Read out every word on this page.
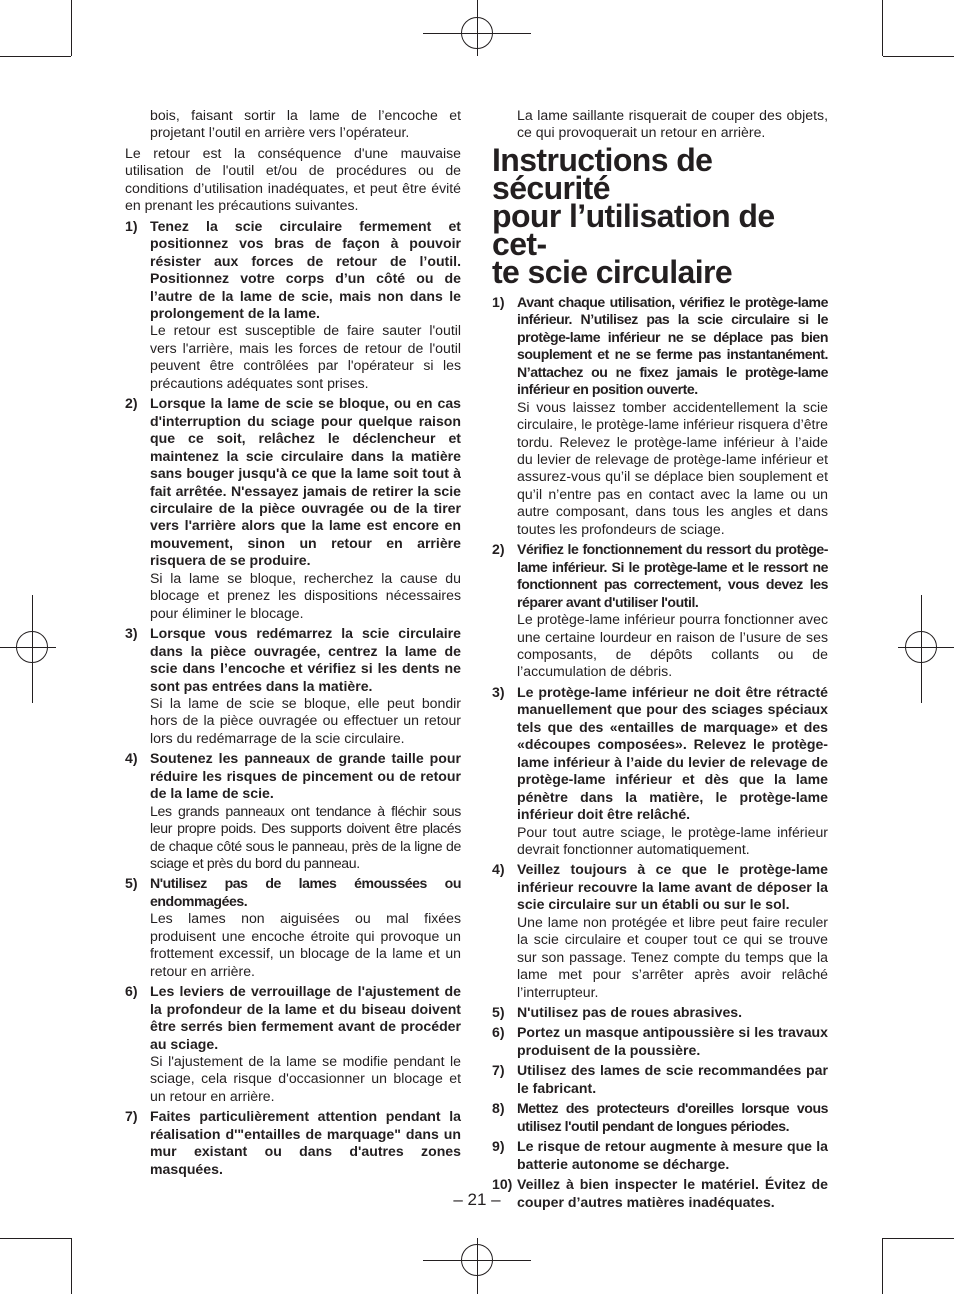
bois, faisant sortir la lame de l’encoche et projetant l’outil en arrière vers l’opérateur.

Le retour est la conséquence d'une mauvaise utilisation de l'outil et/ou de procédures ou de conditions d’utilisation inadéquates, et peut être évité en prenant les précautions suivantes.

1) Tenez la scie circulaire fermement et positionnez vos bras de façon à pouvoir résister aux forces de retour de l’outil. Positionnez votre corps d’un côté ou de l’autre de la lame de scie, mais non dans le prolongement de la lame.
Le retour est susceptible de faire sauter l'outil vers l'arrière, mais les forces de retour de l'outil peuvent être contrôlées par l'opérateur si les précautions adéquates sont prises.
2) Lorsque la lame de scie se bloque, ou en cas d'interruption du sciage pour quelque raison que ce soit, relâchez le déclencheur et maintenez la scie circulaire dans la matière sans bouger jusqu'à ce que la lame soit tout à fait arrêtée. N'essayez jamais de retirer la scie circulaire de la pièce ouvragée ou de la tirer vers l'arrière alors que la lame est encore en mouvement, sinon un retour en arrière risquera de se produire.
Si la lame se bloque, recherchez la cause du blocage et prenez les dispositions nécessaires pour éliminer le blocage.
3) Lorsque vous redémarrez la scie circulaire dans la pièce ouvragée, centrez la lame de scie dans l’encoche et vérifiez si les dents ne sont pas entrées dans la matière.
Si la lame de scie se bloque, elle peut bondir hors de la pièce ouvragée ou effectuer un retour lors du redémarrage de la scie circulaire.
4) Soutenez les panneaux de grande taille pour réduire les risques de pincement ou de retour de la lame de scie.
Les grands panneaux ont tendance à fléchir sous leur propre poids. Des supports doivent être placés de chaque côté sous le panneau, près de la ligne de sciage et près du bord du panneau.
5) N'utilisez pas de lames émoussées ou endommagées.
Les lames non aiguisées ou mal fixées produisent une encoche étroite qui provoque un frottement excessif, un blocage de la lame et un retour en arrière.
6) Les leviers de verrouillage de l'ajustement de la profondeur de la lame et du biseau doivent être serrés bien fermement avant de procéder au sciage.
Si l'ajustement de la lame se modifie pendant le sciage, cela risque d'occasionner un blocage et un retour en arrière.
7) Faites particulièrement attention pendant la réalisation d'"entailles de marquage" dans un mur existant ou dans d'autres zones masquées.

La lame saillante risquerait de couper des objets, ce qui provoquerait un retour en arrière.

Instructions de sécurité
pour l’utilisation de cet-
te scie circulaire
1) Avant chaque utilisation, vérifiez le protège-lame inférieur. N’utilisez pas la scie circulaire si le protège-lame inférieur ne se déplace pas bien souplement et ne se ferme pas instantanément. N’attachez ou ne fixez jamais le protège-lame inférieur en position ouverte.
Si vous laissez tomber accidentellement la scie circulaire, le protège-lame inférieur risquera d’être tordu. Relevez le protège-lame inférieur à l’aide du levier de relevage de protège-lame inférieur et assurez-vous qu’il se déplace bien souplement et qu’il n’entre pas en contact avec la lame ou un autre composant, dans tous les angles et dans toutes les profondeurs de sciage.
2) Vérifiez le fonctionnement du ressort du protège-lame inférieur. Si le protège-lame et le ressort ne fonctionnent pas correctement, vous devez les réparer avant d'utiliser l'outil.
Le protège-lame inférieur pourra fonctionner avec une certaine lourdeur en raison de l’usure de ses composants, de dépôts collants ou de l’accumulation de débris.
3) Le protège-lame inférieur ne doit être rétracté manuellement que pour des sciages spéciaux tels que des «entailles de marquage» et des «découpes composées». Relevez le protège-lame inférieur à l’aide du levier de relevage de protège-lame inférieur et dès que la lame pénètre dans la matière, le protège-lame inférieur doit être relâché.
Pour tout autre sciage, le protège-lame inférieur devrait fonctionner automatiquement.
4) Veillez toujours à ce que le protège-lame inférieur recouvre la lame avant de déposer la scie circulaire sur un établi ou sur le sol.
Une lame non protégée et libre peut faire reculer la scie circulaire et couper tout ce qui se trouve sur son passage. Tenez compte du temps que la lame met pour s’arrêter après avoir relâché l’interrupteur.
5) N'utilisez pas de roues abrasives.
6) Portez un masque antipoussière si les travaux produisent de la poussière.
7) Utilisez des lames de scie recommandées par le fabricant.
8) Mettez des protecteurs d'oreilles lorsque vous utilisez l'outil pendant de longues périodes.
9) Le risque de retour augmente à mesure que la batterie autonome se décharge.
10) Veillez à bien inspecter le matériel. Évitez de couper d’autres matières inadéquates.
– 21 –
